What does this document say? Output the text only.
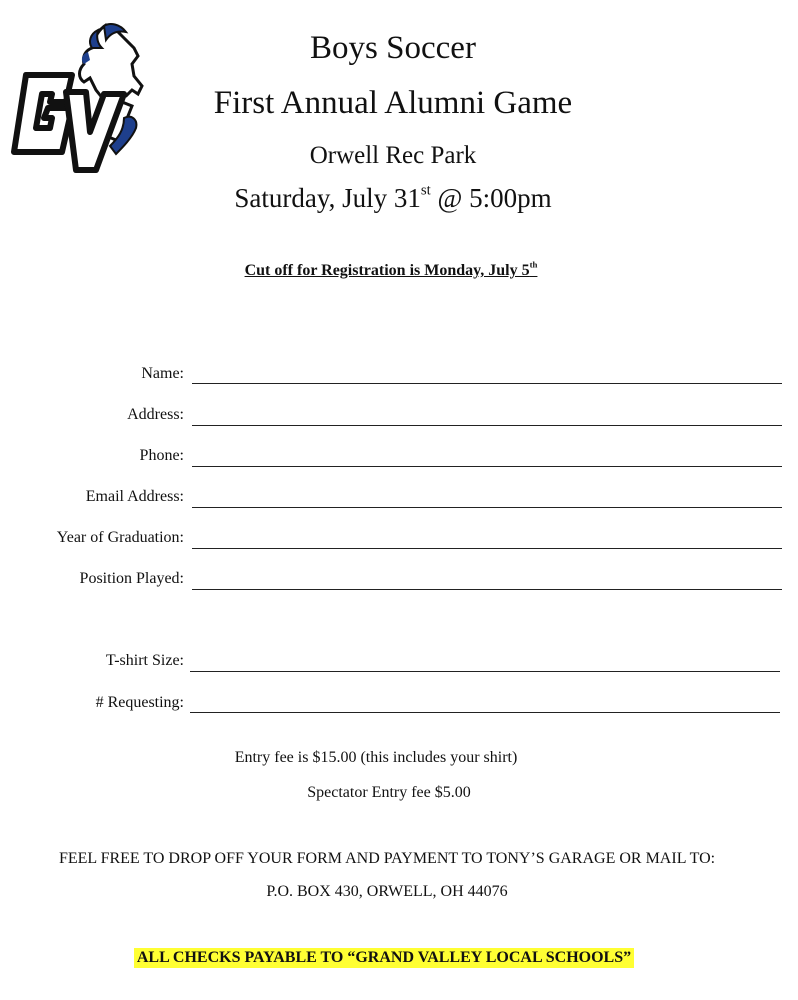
Boys Soccer
First Annual Alumni Game
Orwell Rec Park
Saturday, July 31st @ 5:00pm
Cut off for Registration is Monday, July 5th
Name:
Address:
Phone:
Email Address:
Year of Graduation:
Position Played:
T-shirt Size:
# Requesting:
Entry fee is $15.00 (this includes your shirt)
Spectator Entry fee $5.00
FEEL FREE TO DROP OFF YOUR FORM AND PAYMENT TO TONY’S GARAGE OR MAIL TO:
P.O. BOX 430, ORWELL, OH 44076
ALL CHECKS PAYABLE TO “GRAND VALLEY LOCAL SCHOOLS”
